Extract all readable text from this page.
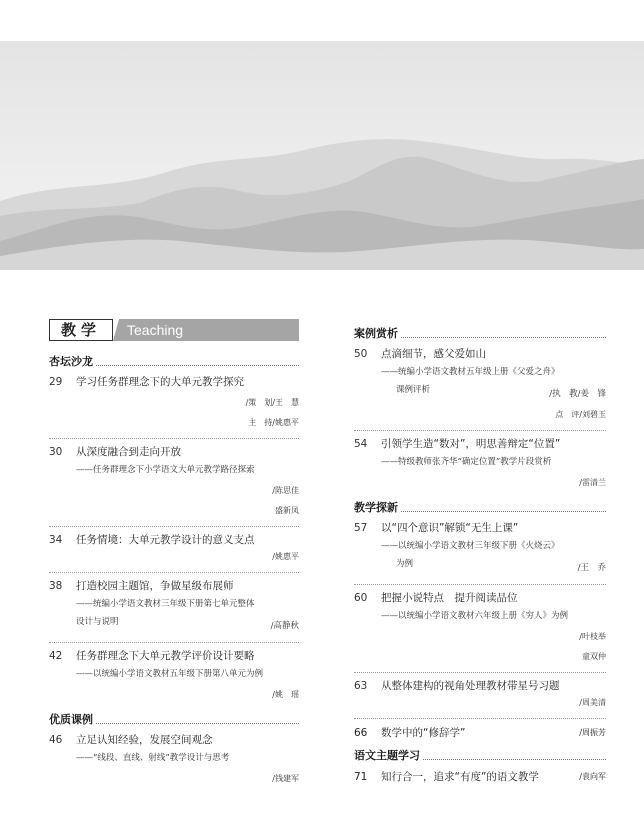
教学	Teaching
杏坛沙龙
29	学习任务群理念下的大单元教学探究
/策　划/王　慧
主　持/姚惠平
30	从深度融合到走向开放
——任务群理念下小学语文大单元教学路径探索
/陈思佳
盛新凤
34	任务情境：大单元教学设计的意义支点
/姚惠平
38	打造校园主题馆，争做星级布展师
——统编小学语文教材三年级下册第七单元整体
设计与说明	/高静秋
42	任务群理念下大单元教学评价设计要略
——以统编小学语文教材五年级下册第八单元为例
/姚　瑶
优质课例
46	立足认知经验，发展空间观念
——“线段、直线、射线”教学设计与思考
/钱建军
案例赏析
50	点滴细节，感父爱如山
——统编小学语文教材五年级上册《父爱之舟》
课例评析	/执　教/姜　锋
点　评/刘碧玉
54	引领学生造“数对”，明思善辩定“位置”
——特级教师张齐华“确定位置”教学片段赏析
/雷清兰
教学探新
57	以“四个意识”解锁“无生上课”
——以统编小学语文教材三年级下册《火烧云》
为例	/王　乔
60	把握小说特点　提升阅读品位
——以统编小学语文教材六年级上册《穷人》为例
/叶枝举
童双仲
63	从整体建构的视角处理教材带星号习题
/周美清
66 数学中的“修辞学”	/周振芳
语文主题学习
71 知行合一，追求“有度”的语文教学	/袁向军
